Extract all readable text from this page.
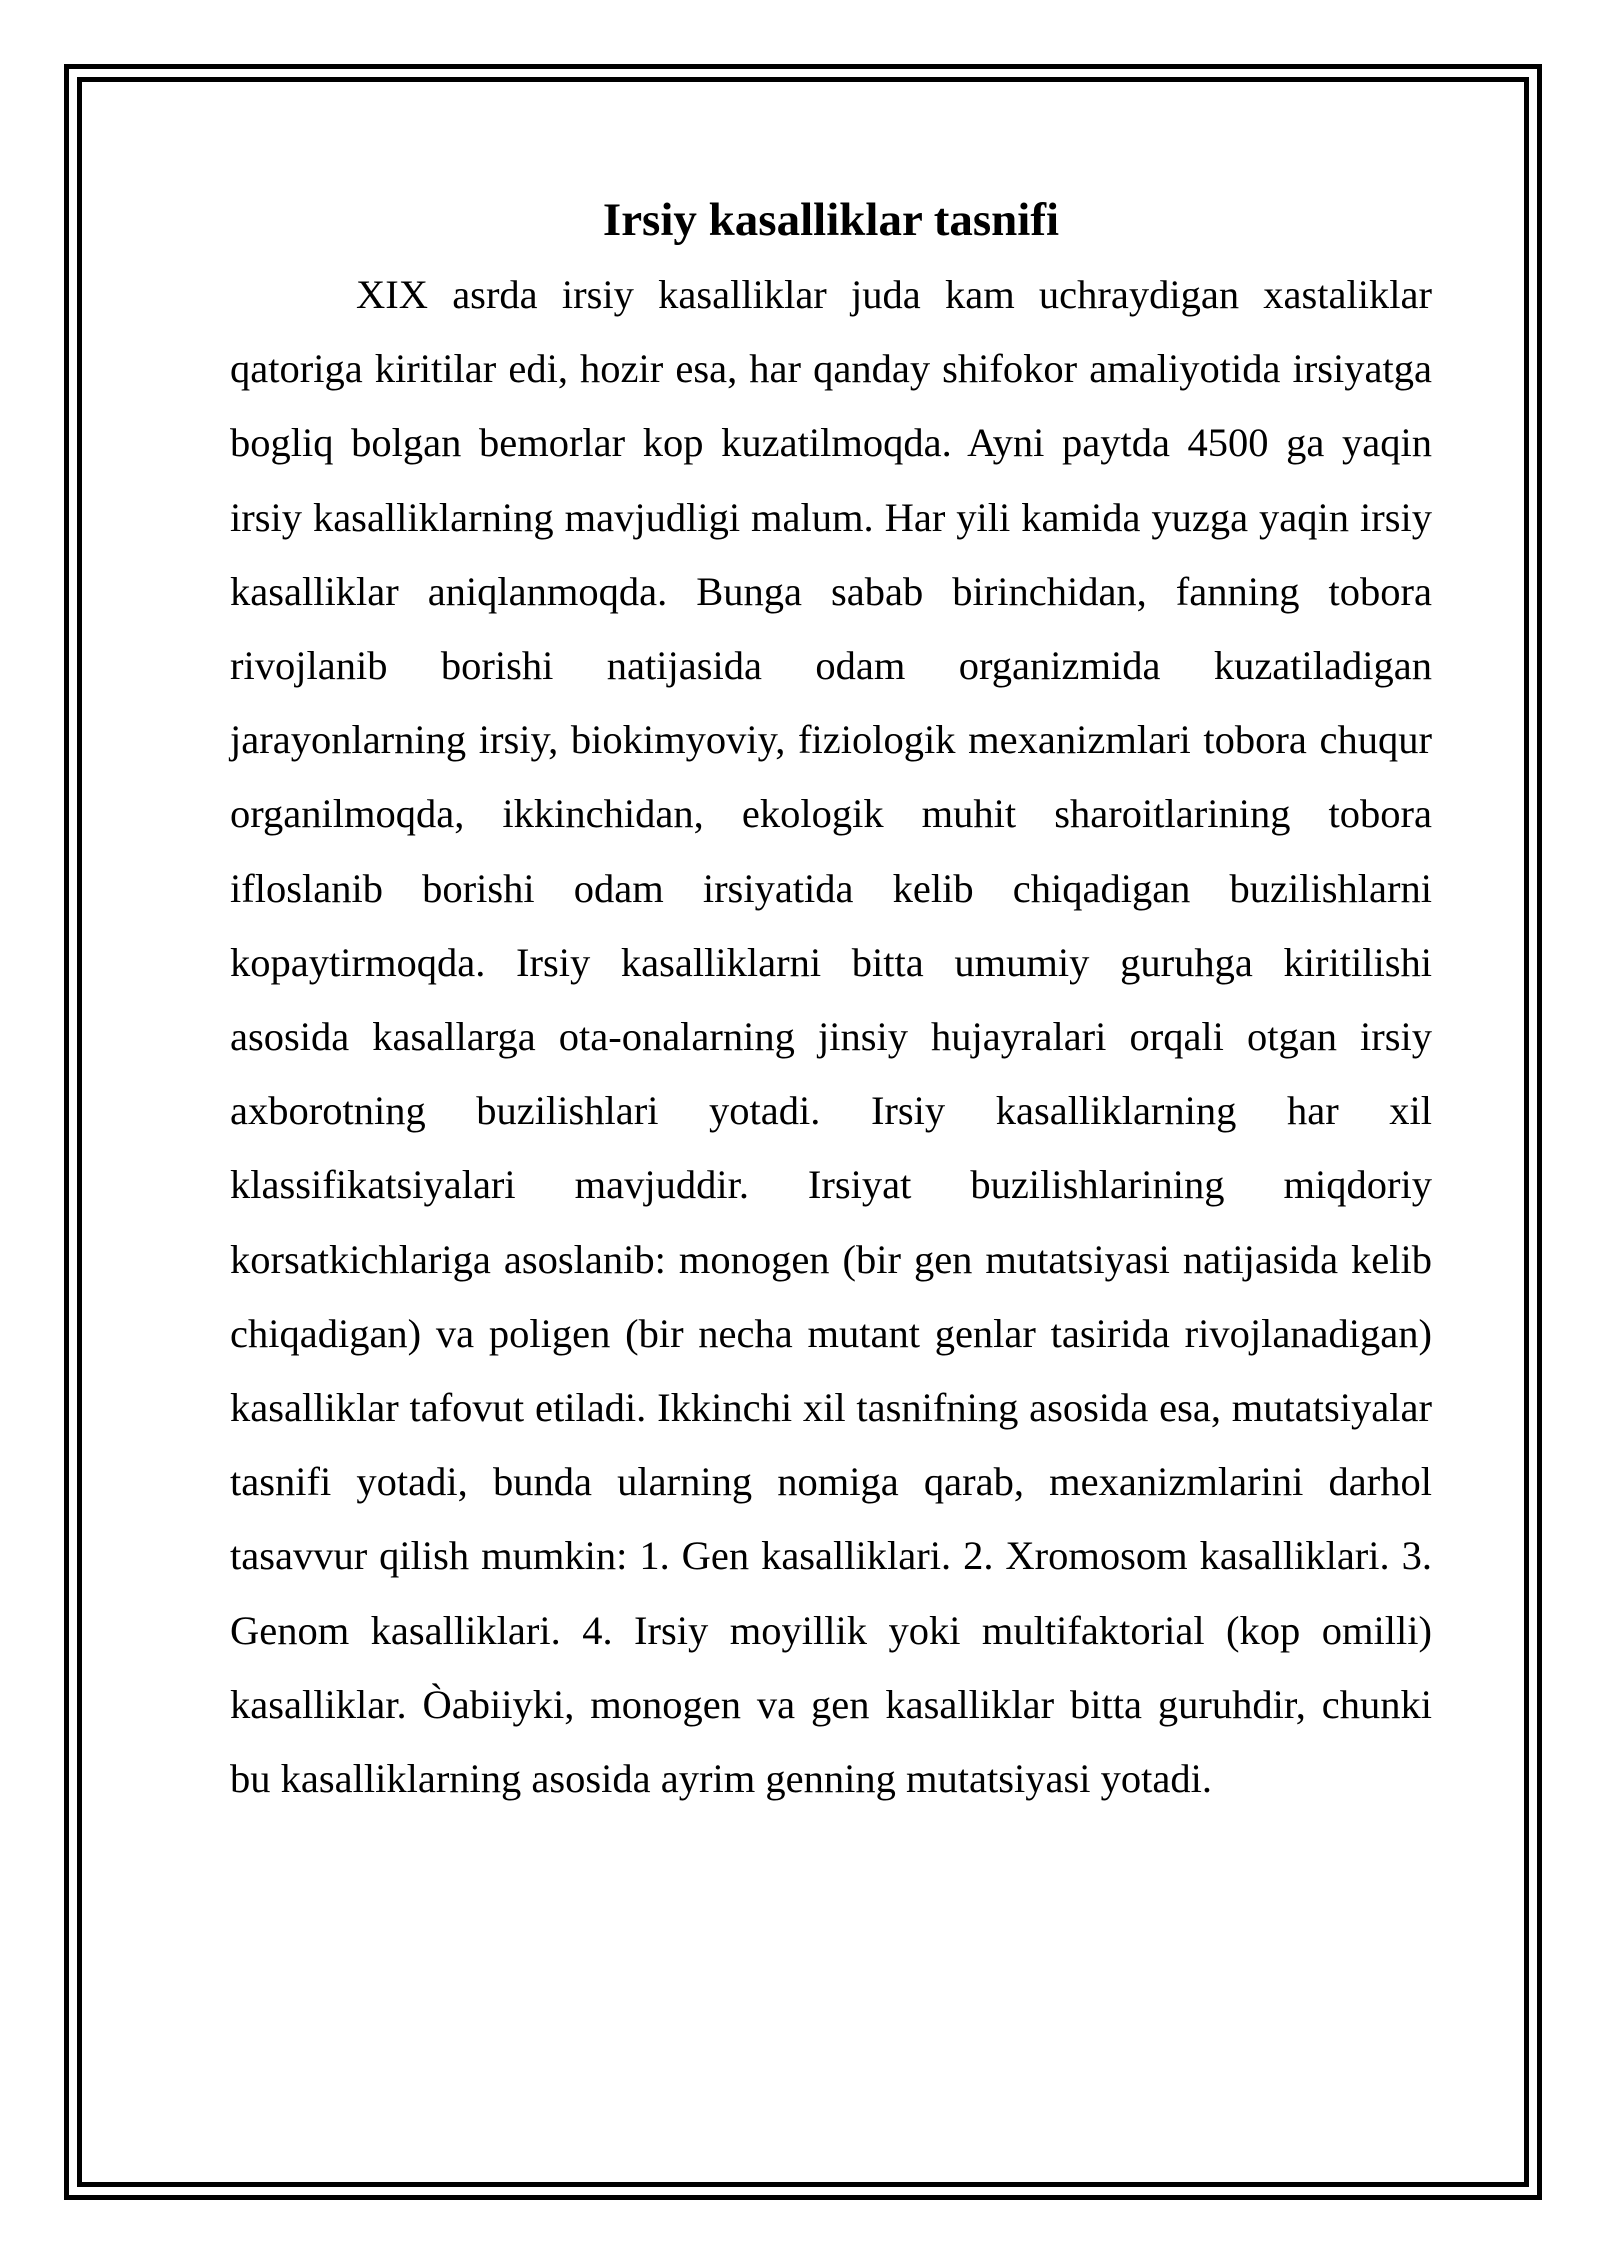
Irsiy kasalliklar tasnifi

XIX asrda irsiy kasalliklar juda kam uchraydigan xastaliklar qatoriga kiritilar edi, hozir esa, har qanday shifokor amaliyotida irsiyatga bogliq bolgan bemorlar kop kuzatilmoqda. Ayni paytda 4500 ga yaqin irsiy kasalliklarning mavjudligi malum. Har yili kamida yuzga yaqin irsiy kasalliklar aniqlanmoqda. Bunga sabab birinchidan, fanning tobora rivojlanib borishi natijasida odam organizmida kuzatiladigan jarayonlarning irsiy, biokimyoviy, fiziologik mexanizmlari tobora chuqur organilmoqda, ikkinchidan, ekologik muhit sharoitlarining tobora ifloslanib borishi odam irsiyatida kelib chiqadigan buzilishlarni kopaytirmoqda. Irsiy kasalliklarni bitta umumiy guruhga kiritilishi asosida kasallarga ota-onalarning jinsiy hujayralari orqali otgan irsiy axborotning buzilishlari yotadi. Irsiy kasalliklarning har xil klassifikatsiyalari mavjuddir. Irsiyat buzilishlarining miqdoriy korsatkichlariga asoslanib: monogen (bir gen mutatsiyasi natijasida kelib chiqadigan) va poligen (bir necha mutant genlar tasirida rivojlanadigan) kasalliklar tafovut etiladi. Ikkinchi xil tasnifning asosida esa, mutatsiyalar tasnifi yotadi, bunda ularning nomiga qarab, mexanizmlarini darhol tasavvur qilish mumkin: 1. Gen kasalliklari. 2. Xromosom kasalliklari. 3. Genom kasalliklari. 4. Irsiy moyillik yoki multifaktorial (kop omilli) kasalliklar. Òabiiyki, monogen va gen kasalliklar bitta guruhdir, chunki bu kasalliklarning asosida ayrim genning mutatsiyasi yotadi.
